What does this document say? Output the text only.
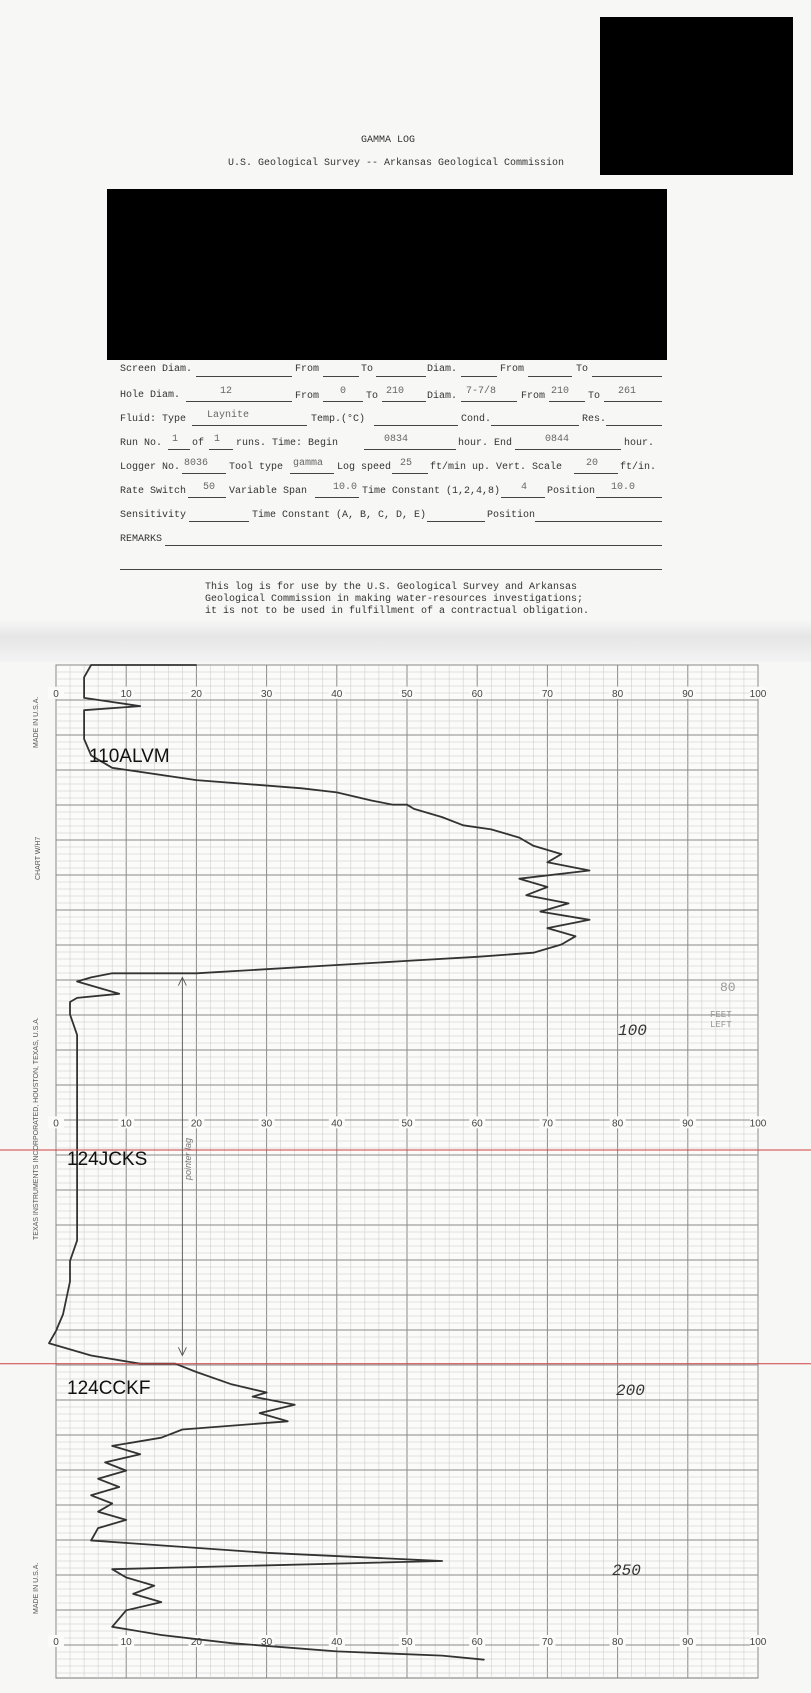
GAMMA LOG
U.S. Geological Survey -- Arkansas Geological Commission
Screen Diam.	From	To	Diam.	From	To
Hole Diam.	12	From 0 To 210 Diam. 7-7/8 From 210 To 261
Fluid: Type Laynite	Temp.(°C)	Cond.	Res.
Run No. 1 of 1 runs. Time: Begin	0834	hour. End	0844	hour.
Logger No. 8036 Tool type gamma Log speed 25 ft/min up. Vert. Scale 20 ft/in.
Rate Switch 50 Variable Span	10.0 Time Constant (1,2,4,8) 4 Position 10.0
Sensitivity	Time Constant (A, B, C, D, E)	Position
REMARKS
This log is for use by the U.S. Geological Survey and Arkansas
Geological Commission in making water-resources investigations;
it is not to be used in fulfillment of a contractual obligation.
0	10	20	30	40	50	60	70	80	90	100
0	10	20	30	40	50	60	70	80	90	100
0	10	20	30	40	50	60	70	80	90	100
MADE IN U.S.A.
CHART W/H7
TEXAS INSTRUMENTS INCORPORATED, HOUSTON, TEXAS, U.S.A.
MADE IN U.S.A.
110ALVM
124JCKS
124CCKF
100
200
250
80
FEET LEFT
pointer lag
